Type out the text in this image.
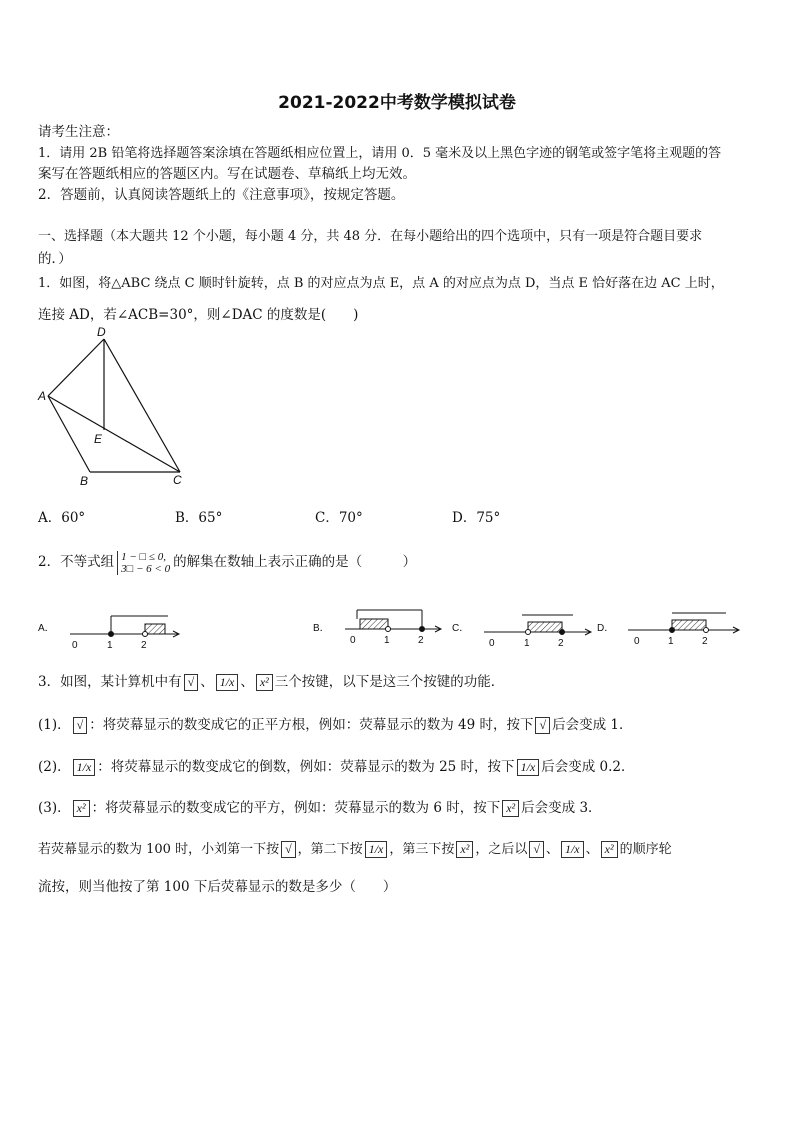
2021-2022中考数学模拟试卷
请考生注意：
1．请用 2B 铅笔将选择题答案涂填在答题纸相应位置上，请用 0．5 毫米及以上黑色字迹的钢笔或签字笔将主观题的答
案写在答题纸相应的答题区内。写在试题卷、草稿纸上均无效。
2．答题前，认真阅读答题纸上的《注意事项》，按规定答题。
一、选择题（本大题共 12 个小题，每小题 4 分，共 48 分．在每小题给出的四个选项中，只有一项是符合题目要求
的．）
1．如图，将△ABC 绕点 C 顺时针旋转，点 B 的对应点为点 E，点 A 的对应点为点 D，当点 E 恰好落在边 AC 上时，
连接 AD，若∠ACB=30°，则∠DAC 的度数是(　　)
D
A
E
B	C
A．60°	B．65°	C．70°	D．75°
2．不等式组 1 − □ ≤ 0,
3□ − 6 < 0 的解集在数轴上表示正确的是（　　　）
A．	B．	C．	D．
0	1	2	0	1	2	0	1	2	0	1	2
3．如图，某计算机中有 √ 、 1/x 、 x² 三个按键，以下是这三个按键的功能．
(1)． √ ：将荧幕显示的数变成它的正平方根，例如：荧幕显示的数为 49 时，按下 √ 后会变成 1．
(2)． 1/x ：将荧幕显示的数变成它的倒数，例如：荧幕显示的数为 25 时，按下 1/x 后会变成 0.2．
(3)． x² ：将荧幕显示的数变成它的平方，例如：荧幕显示的数为 6 时，按下 x² 后会变成 3．
若荧幕显示的数为 100 时，小刘第一下按 √ ，第二下按 1/x ，第三下按 x² ，之后以 √ 、 1/x 、 x² 的顺序轮
流按，则当他按了第 100 下后荧幕显示的数是多少（　　）
